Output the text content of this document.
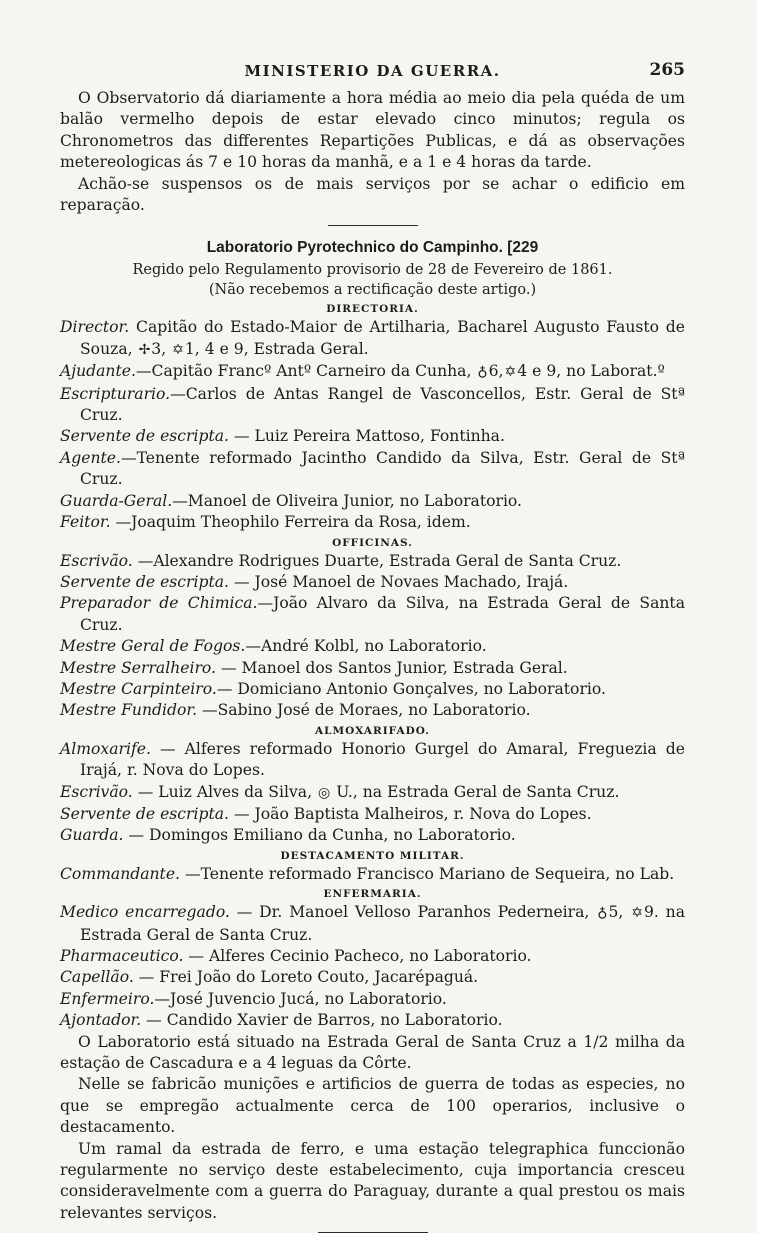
MINISTERIO DA GUERRA.	265

O Observatorio dá diariamente a hora média ao meio dia pela quéda de um balão vermelho depois de estar elevado cinco minutos; regula os Chronometros das differentes Repartições Publicas, e dá as observações metereologicas ás 7 e 10 horas da manhã, e a 1 e 4 horas da tarde.

Achão-se suspensos os de mais serviços por se achar o edificio em reparação.

Laboratorio Pyrotechnico do Campinho. [229
Regido pelo Regulamento provisorio de 28 de Fevereiro de 1861.
(Não recebemos a rectificação deste artigo.)
DIRECTORIA.

Director. Capitão do Estado-Maior de Artilharia, Bacharel Augusto Fausto de Souza, ✢3, ✡1, 4 e 9, Estrada Geral.

Ajudante.—Capitão Francº Antº Carneiro da Cunha, ♁6,✡4 e 9, no Laborat.º

Escripturario.—Carlos de Antas Rangel de Vasconcellos, Estr. Geral de Stª Cruz.

Servente de escripta. — Luiz Pereira Mattoso, Fontinha.

Agente.—Tenente reformado Jacintho Candido da Silva, Estr. Geral de Stª Cruz.

Guarda-Geral.—Manoel de Oliveira Junior, no Laboratorio.

Feitor. —Joaquim Theophilo Ferreira da Rosa, idem.

OFFICINAS.

Escrivão. —Alexandre Rodrigues Duarte, Estrada Geral de Santa Cruz.

Servente de escripta. — José Manoel de Novaes Machado, Irajá.

Preparador de Chimica.—João Alvaro da Silva, na Estrada Geral de Santa Cruz.

Mestre Geral de Fogos.—André Kolbl, no Laboratorio.

Mestre Serralheiro. — Manoel dos Santos Junior, Estrada Geral.

Mestre Carpinteiro.— Domiciano Antonio Gonçalves, no Laboratorio.

Mestre Fundidor. —Sabino José de Moraes, no Laboratorio.

ALMOXARIFADO.

Almoxarife. — Alferes reformado Honorio Gurgel do Amaral, Freguezia de Irajá, r. Nova do Lopes.

Escrivão. — Luiz Alves da Silva, ◎ U., na Estrada Geral de Santa Cruz.

Servente de escripta. — João Baptista Malheiros, r. Nova do Lopes.

Guarda. — Domingos Emiliano da Cunha, no Laboratorio.

DESTACAMENTO MILITAR.

Commandante. —Tenente reformado Francisco Mariano de Sequeira, no Lab.

ENFERMARIA.

Medico encarregado. — Dr. Manoel Velloso Paranhos Pederneira, ♁5, ✡9. na Estrada Geral de Santa Cruz.

Pharmaceutico. — Alferes Cecinio Pacheco, no Laboratorio.

Capellão. — Frei João do Loreto Couto, Jacarépaguá.

Enfermeiro.—José Juvencio Jucá, no Laboratorio.

Ajontador. — Candido Xavier de Barros, no Laboratorio.

O Laboratorio está situado na Estrada Geral de Santa Cruz a 1/2 milha da estação de Cascadura e a 4 leguas da Côrte.

Nelle se fabricão munições e artificios de guerra de todas as especies, no que se empregão actualmente cerca de 100 operarios, inclusive o destacamento.

Um ramal da estrada de ferro, e uma estação telegraphica funccionão regularmente no serviço deste estabelecimento, cuja importancia cresceu consideravelmente com a guerra do Paraguay, durante a qual prestou os mais relevantes serviços.
